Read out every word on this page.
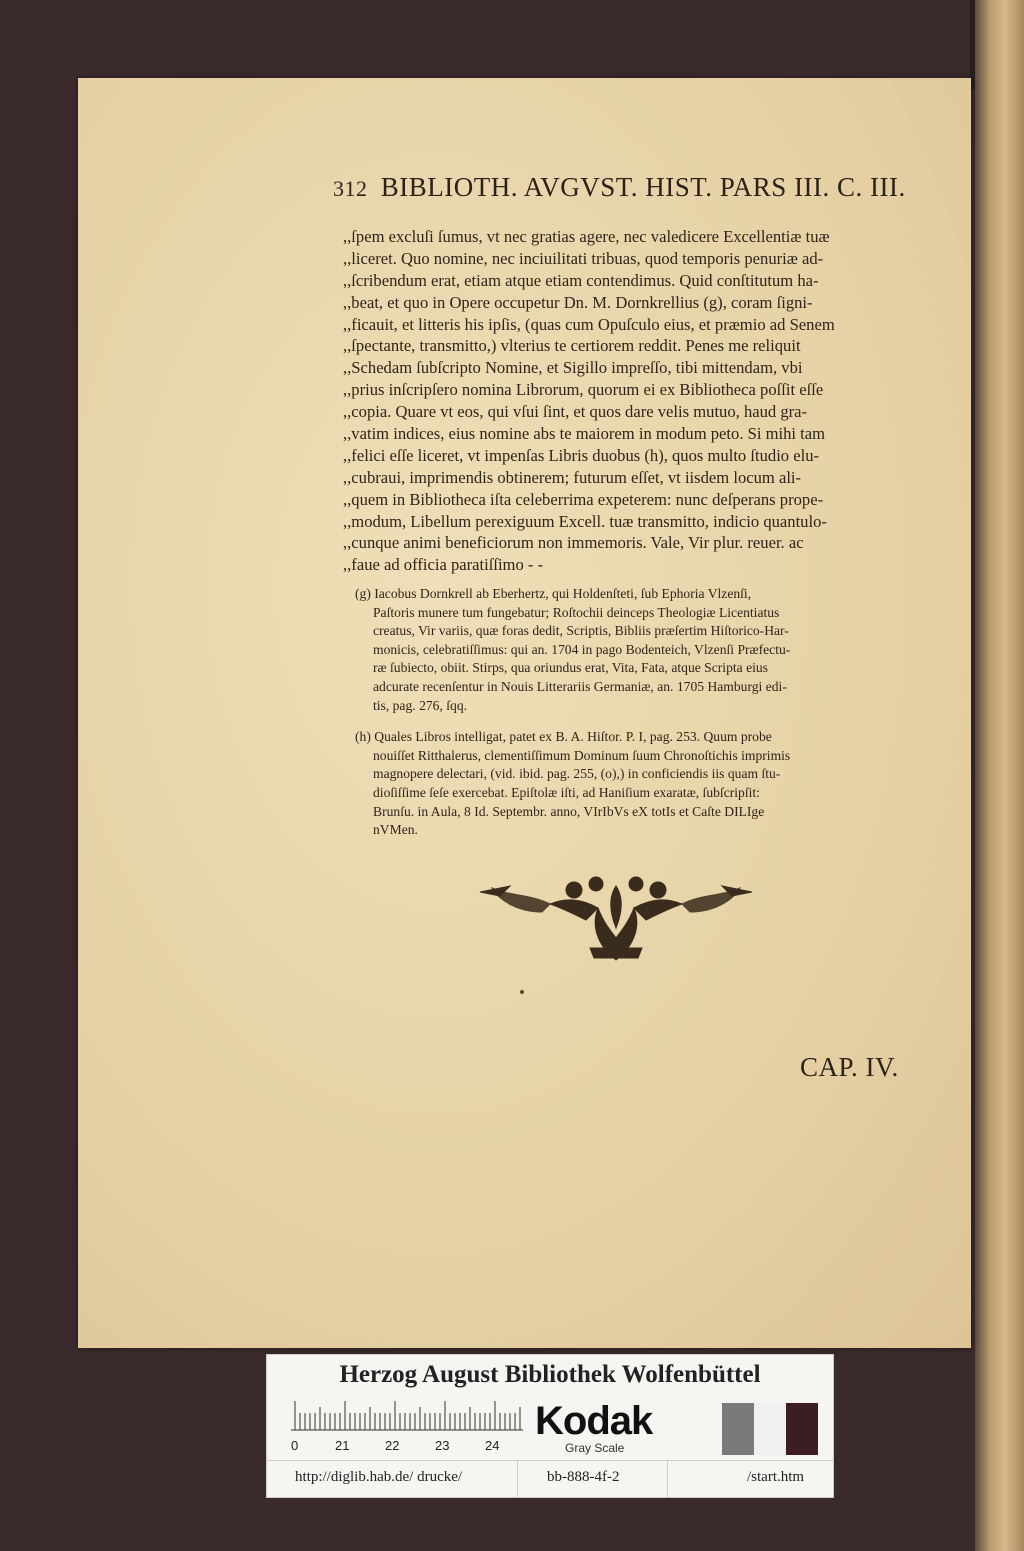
312 BIBLIOTH. AVGVST. HIST. PARS III. C. III.
,,ſpem excluſi ſumus, vt nec gratias agere, nec valedicere Excellentiæ tuæ
,,liceret. Quo nomine, nec inciuilitati tribuas, quod temporis penuriæ ad-
,,ſcribendum erat, etiam atque etiam contendimus. Quid conſtitutum ha-
,,beat, et quo in Opere occupetur Dn. M. Dornkrellius (g), coram ſigni-
,,ficauit, et litteris his ipſis, (quas cum Opuſculo eius, et præmio ad Senem
,,ſpectante, transmitto,) vlterius te certiorem reddit. Penes me reliquit
,,Schedam ſubſcripto Nomine, et Sigillo impreſſo, tibi mittendam, vbi
,,prius inſcripſero nomina Librorum, quorum ei ex Bibliotheca poſſit eſſe
,,copia. Quare vt eos, qui vſui ſint, et quos dare velis mutuo, haud gra-
,,vatim indices, eius nomine abs te maiorem in modum peto. Si mihi tam
,,felici eſſe liceret, vt impenſas Libris duobus (h), quos multo ſtudio elu-
,,cubraui, imprimendis obtinerem; futurum eſſet, vt iisdem locum ali-
,,quem in Bibliotheca iſta celeberrima expeterem: nunc deſperans prope-
,,modum, Libellum perexiguum Excell. tuæ transmitto, indicio quantulo-
,,cunque animi beneficiorum non immemoris. Vale, Vir plur. reuer. ac
,,faue ad officia paratiſſimo - -
(g) Iacobus Dornkrell ab Eberhertz, qui Holdenſteti, ſub Ephoria Vlzenſi,
Paſtoris munere tum fungebatur; Roſtochii deinceps Theologiæ Licentiatus
creatus, Vir variis, quæ foras dedit, Scriptis, Bibliis præſertim Hiſtorico-Har-
monicis, celebratiſſimus: qui an. 1704 in pago Bodenteich, Vlzenſi Præfectu-
ræ ſubiecto, obiit. Stirps, qua oriundus erat, Vita, Fata, atque Scripta eius
adcurate recenſentur in Nouis Litterariis Germaniæ, an. 1705 Hamburgi edi-
tis, pag. 276, ſqq.
(h) Quales Libros intelligat, patet ex B. A. Hiſtor. P. I, pag. 253. Quum probe
nouiſſet Ritthalerus, clementiſſimum Dominum ſuum Chronoſtichis imprimis
magnopere delectari, (vid. ibid. pag. 255, (o),) in conficiendis iis quam ſtu-
dioſiſſime ſeſe exercebat. Epiſtolæ iſti, ad Haniſium exaratæ, ſubſcripſit:
Brunſu. in Aula, 8 Id. Septembr. anno, VIrIbVs eX totIs et Caſte DILIge
nVMen.
CAP. IV.
Herzog August Bibliothek Wolfenbüttel
0	21	22	23	24
Kodak
Gray Scale
http://diglib.hab.de/ drucke/	bb-888-4f-2	/start.htm
